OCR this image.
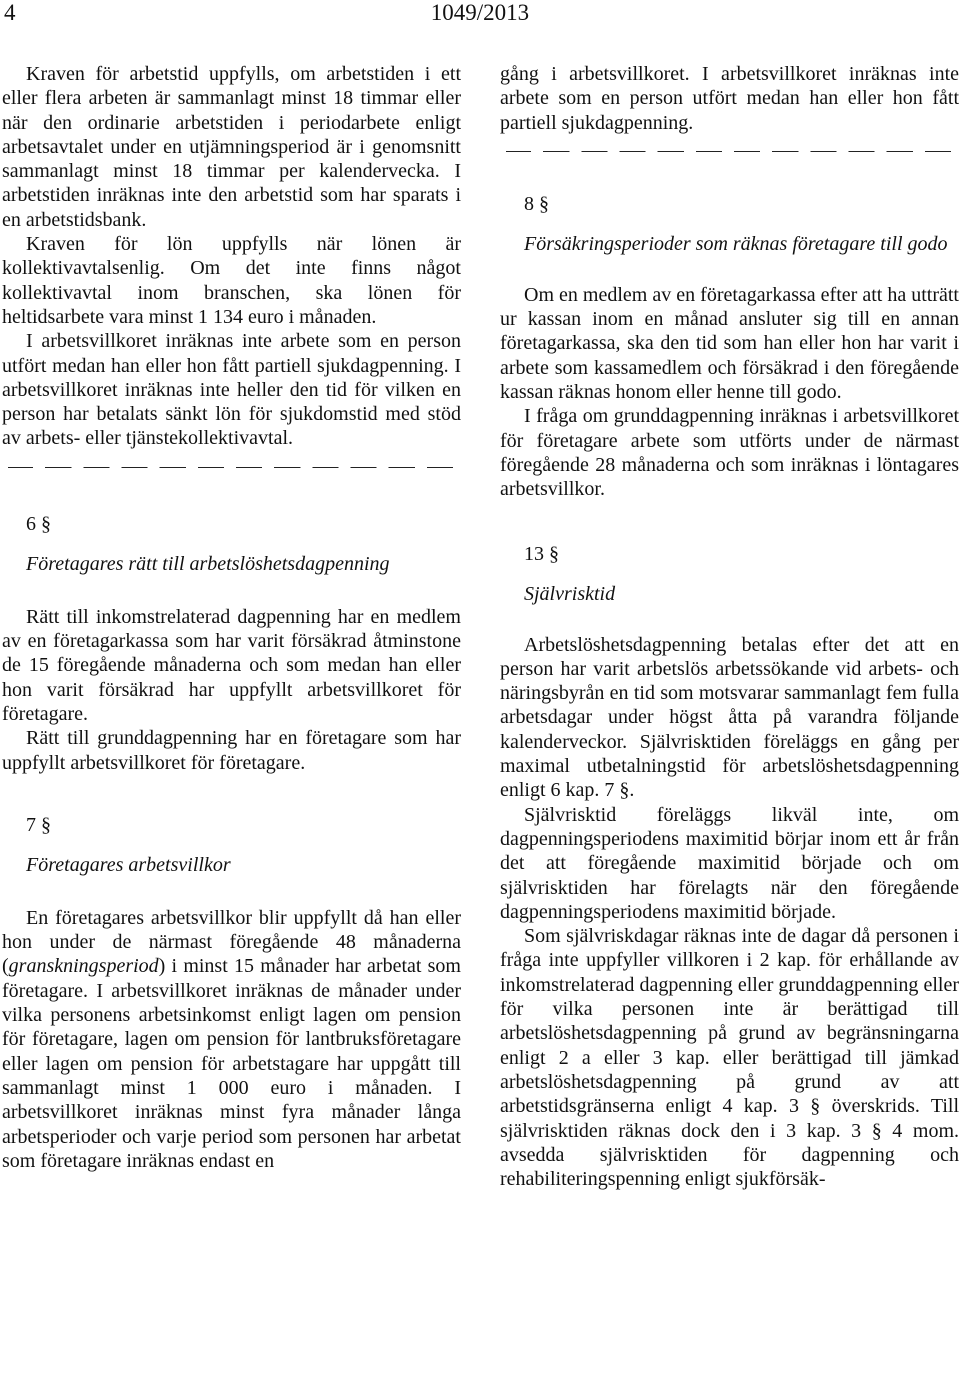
1049/2013
4

Kraven för arbetstid uppfylls, om arbetstiden i ett eller flera arbeten är sammanlagt minst 18 timmar eller när den ordinarie arbetstiden i periodarbete enligt arbetsavtalet under en utjämningsperiod är i genomsnitt sammanlagt minst 18 timmar per kalendervecka. I arbetstiden inräknas inte den arbetstid som har sparats i en arbetstidsbank.

Kraven för lön uppfylls när lönen är kollektivavtalsenlig. Om det inte finns något kollektivavtal inom branschen, ska lönen för heltidsarbete vara minst 1 134 euro i månaden.

I arbetsvillkoret inräknas inte arbete som en person utfört medan han eller hon fått partiell sjukdagpenning. I arbetsvillkoret inräknas inte heller den tid för vilken en person har betalats sänkt lön för sjukdomstid med stöd av arbets- eller tjänstekollektivavtal.

6 §

Företagares rätt till arbetslöshetsdagpenning

Rätt till inkomstrelaterad dagpenning har en medlem av en företagarkassa som har varit försäkrad åtminstone de 15 föregående månaderna och som medan han eller hon varit försäkrad har uppfyllt arbetsvillkoret för företagare.

Rätt till grunddagpenning har en företagare som har uppfyllt arbetsvillkoret för företagare.

7 §

Företagares arbetsvillkor

En företagares arbetsvillkor blir uppfyllt då han eller hon under de närmast föregående 48 månaderna (granskningsperiod) i minst 15 månader har arbetat som företagare. I arbetsvillkoret inräknas de månader under vilka personens arbetsinkomst enligt lagen om pension för företagare, lagen om pension för lantbruksföretagare eller lagen om pension för arbetstagare har uppgått till sammanlagt minst 1 000 euro i månaden. I arbetsvillkoret inräknas minst fyra månader långa arbetsperioder och varje period som personen har arbetat som företagare inräknas endast en

gång i arbetsvillkoret. I arbetsvillkoret inräknas inte arbete som en person utfört medan han eller hon fått partiell sjukdagpenning.

8 §

Försäkringsperioder som räknas företagare till godo

Om en medlem av en företagarkassa efter att ha utträtt ur kassan inom en månad ansluter sig till en annan företagarkassa, ska den tid som han eller hon har varit i arbete som kassamedlem och försäkrad i den föregående kassan räknas honom eller henne till godo.

I fråga om grunddagpenning inräknas i arbetsvillkoret för företagare arbete som utförts under de närmast föregående 28 månaderna och som inräknas i löntagares arbetsvillkor.

13 §

Självrisktid

Arbetslöshetsdagpenning betalas efter det att en person har varit arbetslös arbetssökande vid arbets- och näringsbyrån en tid som motsvarar sammanlagt fem fulla arbetsdagar under högst åtta på varandra följande kalenderveckor. Självrisktiden föreläggs en gång per maximal utbetalningstid för arbetslöshetsdagpenning enligt 6 kap. 7 §.

Självrisktid föreläggs likväl inte, om dagpenningsperiodens maximitid börjar inom ett år från det att föregående maximitid började och om självrisktiden har förelagts när den föregående dagpenningsperiodens maximitid började.

Som självriskdagar räknas inte de dagar då personen i fråga inte uppfyller villkoren i 2 kap. för erhållande av inkomstrelaterad dagpenning eller grunddagpenning eller för vilka personen inte är berättigad till arbetslöshetsdagpenning på grund av begränsningarna enligt 2 a eller 3 kap. eller berättigad till jämkad arbetslöshetsdagpenning på grund av att arbetstidsgränserna enligt 4 kap. 3 § överskrids. Till självrisktiden räknas dock den i 3 kap. 3 § 4 mom. avsedda självrisktiden för dagpenning och rehabiliteringspenning enligt sjukförsäk-
